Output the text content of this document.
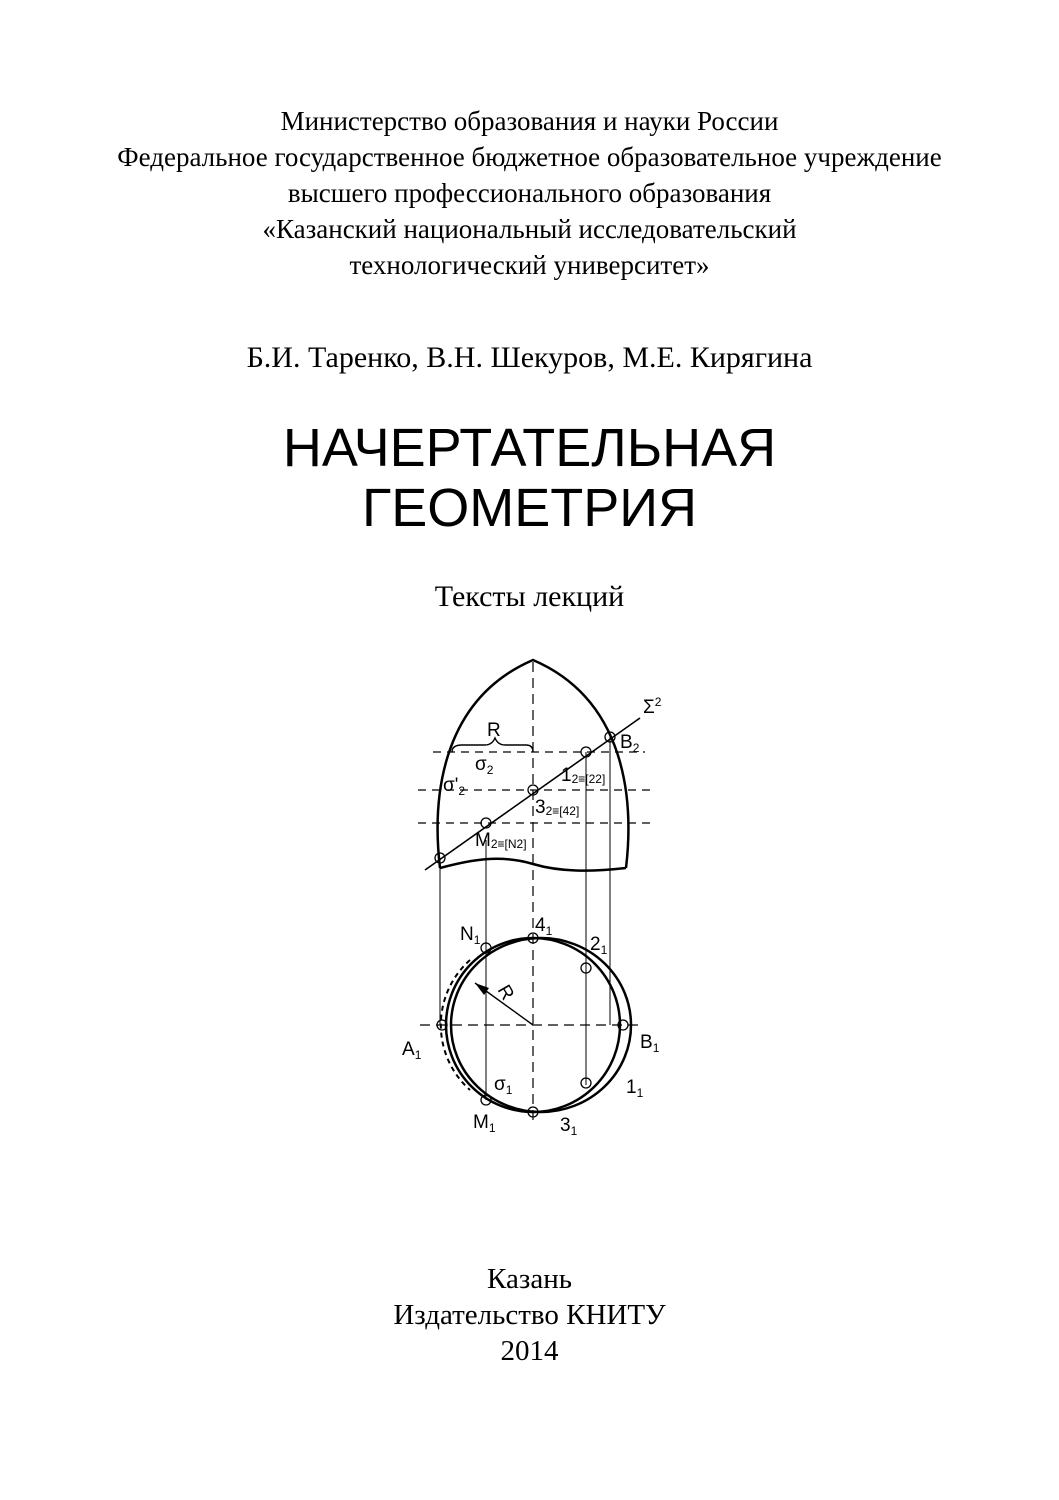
Министерство образования и науки России
Федеральное государственное бюджетное образовательное учреждение
высшего профессионального образования
«Казанский национальный исследовательский
технологический университет»
Б.И. Таренко, В.Н. Шекуров, М.Е. Кирягина
НАЧЕРТАТЕЛЬНАЯ
ГЕОМЕТРИЯ
Тексты лекций
$\Sigma^2$
R
$\sigma_2$
$\sigma'_2$
$B_2$
12≡[22]
32≡[42]
M2≡[N2]
$N_1$
$4_1$
$2_1$
R
$A_1$
$B_1$
$\sigma_1$	$1_1$
$M_1$	$3_1$
Казань
Издательство КНИТУ
2014
